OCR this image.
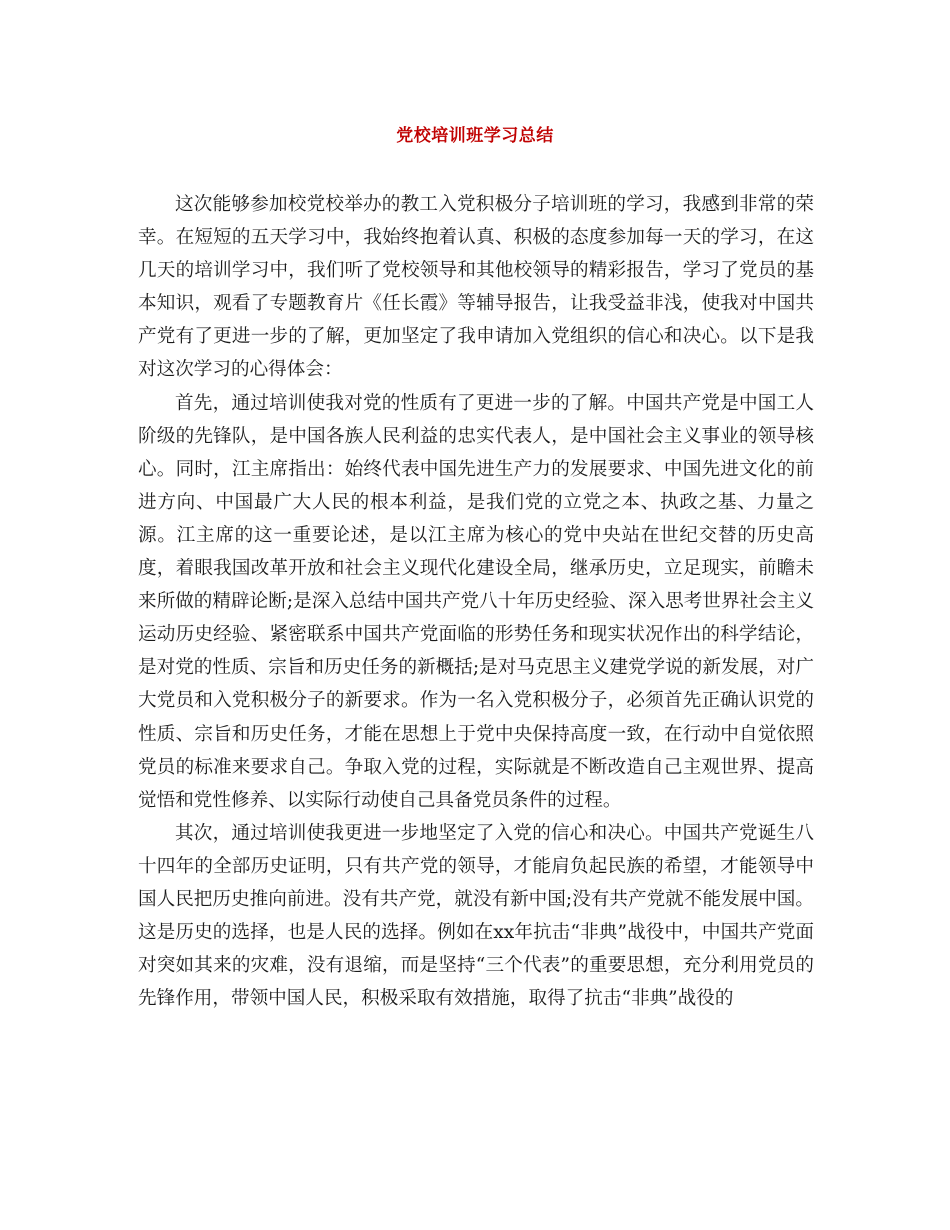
党校培训班学习总结

这次能够参加校党校举办的教工入党积极分子培训班的学习，我感到非常的荣幸。在短短的五天学习中，我始终抱着认真、积极的态度参加每一天的学习，在这几天的培训学习中，我们听了党校领导和其他校领导的精彩报告，学习了党员的基本知识，观看了专题教育片《任长霞》等辅导报告，让我受益非浅，使我对中国共产党有了更进一步的了解，更加坚定了我申请加入党组织的信心和决心。以下是我对这次学习的心得体会：

首先，通过培训使我对党的性质有了更进一步的了解。中国共产党是中国工人阶级的先锋队，是中国各族人民利益的忠实代表人，是中国社会主义事业的领导核心。同时，江主席指出：始终代表中国先进生产力的发展要求、中国先进文化的前进方向、中国最广大人民的根本利益，是我们党的立党之本、执政之基、力量之源。江主席的这一重要论述，是以江主席为核心的党中央站在世纪交替的历史高度，着眼我国改革开放和社会主义现代化建设全局，继承历史，立足现实，前瞻未来所做的精辟论断;是深入总结中国共产党八十年历史经验、深入思考世界社会主义运动历史经验、紧密联系中国共产党面临的形势任务和现实状况作出的科学结论，是对党的性质、宗旨和历史任务的新概括;是对马克思主义建党学说的新发展，对广大党员和入党积极分子的新要求。作为一名入党积极分子，必须首先正确认识党的性质、宗旨和历史任务，才能在思想上于党中央保持高度一致，在行动中自觉依照党员的标准来要求自己。争取入党的过程，实际就是不断改造自己主观世界、提高觉悟和党性修养、以实际行动使自己具备党员条件的过程。

其次，通过培训使我更进一步地坚定了入党的信心和决心。中国共产党诞生八十四年的全部历史证明，只有共产党的领导，才能肩负起民族的希望，才能领导中国人民把历史推向前进。没有共产党，就没有新中国;没有共产党就不能发展中国。这是历史的选择，也是人民的选择。例如在xx年抗击“非典”战役中，中国共产党面对突如其来的灾难，没有退缩，而是坚持“三个代表”的重要思想，充分利用党员的先锋作用，带领中国人民，积极采取有效措施，取得了抗击“非典”战役的
